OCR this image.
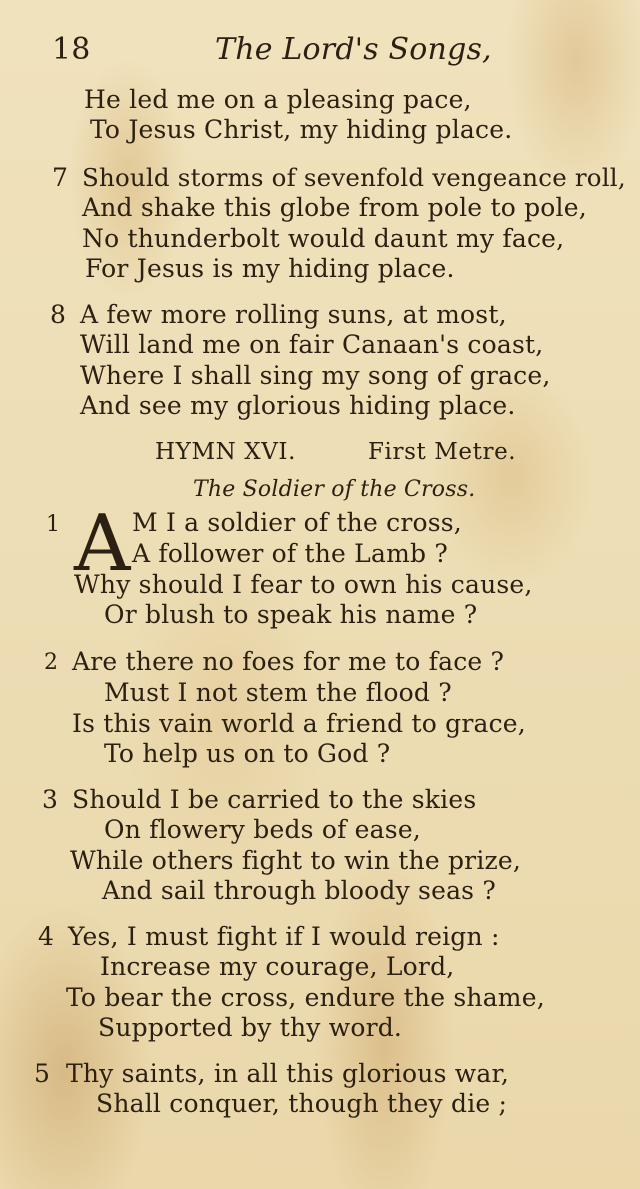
18	The Lord's Songs,
He led me on a pleasing pace,
To Jesus Christ, my hiding place.
7 Should storms of sevenfold vengeance roll,
And shake this globe from pole to pole,
No thunderbolt would daunt my face,
For Jesus is my hiding place.
8 A few more rolling suns, at most,
Will land me on fair Canaan's coast,
Where I shall sing my song of grace,
And see my glorious hiding place.
HYMN XVI.	First Metre.
The Soldier of the Cross.
1 A M I a soldier of the cross,
A follower of the Lamb ?
Why should I fear to own his cause,
Or blush to speak his name ?
2 Are there no foes for me to face ?
Must I not stem the flood ?
Is this vain world a friend to grace,
To help us on to God ?
3 Should I be carried to the skies
On flowery beds of ease,
While others fight to win the prize,
And sail through bloody seas ?
4 Yes, I must fight if I would reign :
Increase my courage, Lord,
To bear the cross, endure the shame,
Supported by thy word.
5 Thy saints, in all this glorious war,
Shall conquer, though they die ;
